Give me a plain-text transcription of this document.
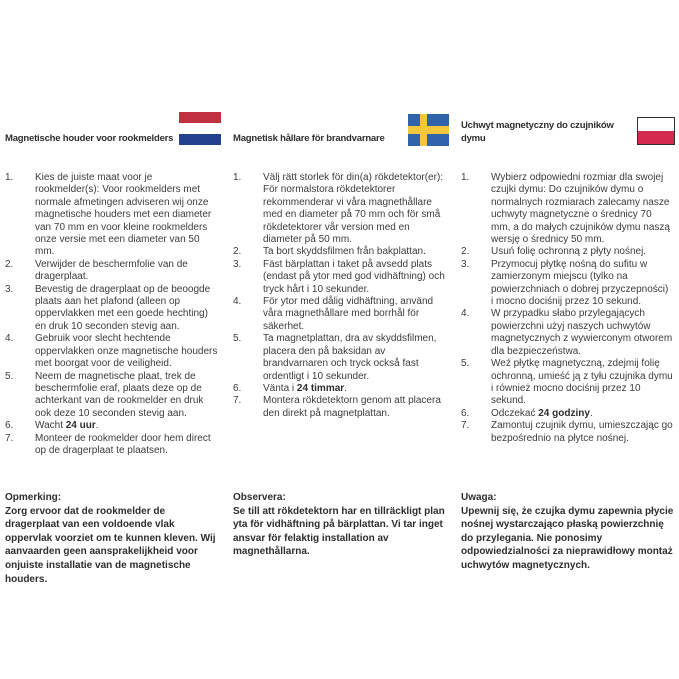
Magnetische houder voor rookmelders
1.	Kies de juiste maat voor je rookmelder(s): Voor rookmelders met normale afmetingen adviseren wij onze magnetische houders met een diameter van 70 mm en voor kleine rookmelders onze versie met een diameter van 50 mm.
2.	Verwijder de beschermfolie van de dragerplaat.
3.	Bevestig de dragerplaat op de beoogde plaats aan het plafond (alleen op oppervlakken met een goede hechting) en druk 10 seconden stevig aan.
4.	Gebruik voor slecht hechtende oppervlakken onze magnetische houders met boorgat voor de veiligheid.
5.	Neem de magnetische plaat, trek de beschermfolie eraf, plaats deze op de achterkant van de rookmelder en druk ook deze 10 seconden stevig aan.
6.	Wacht 24 uur.
7.	Monteer de rookmelder door hem direct op de dragerplaat te plaatsen.

Opmerking:

Zorg ervoor dat de rookmelder de dragerplaat van een voldoende vlak oppervlak voorziet om te kunnen kleven. Wij aanvaarden geen aansprakelijkheid voor onjuiste installatie van de magnetische houders.

Magnetisk hållare för brandvarnare
1.	Välj rätt storlek för din(a) rökdetektor(er): För normalstora rökdetektorer rekommenderar vi våra magnethållare med en diameter på 70 mm och för små rökdetektorer vår version med en diameter på 50 mm.
2.	Ta bort skyddsfilmen från bakplattan.
3.	Fäst bärplattan i taket på avsedd plats (endast på ytor med god vidhäftning) och tryck hårt i 10 sekunder.
4.	För ytor med dålig vidhäftning, använd våra magnethållare med borrhål för säkerhet.
5.	Ta magnetplattan, dra av skyddsfilmen, placera den på baksidan av brandvarnaren och tryck också fast ordentligt i 10 sekunder.
6.	Vänta i 24 timmar.
7.	Montera rökdetektorn genom att placera den direkt på magnetplattan.

Observera:

Se till att rökdetektorn har en tillräckligt plan yta för vidhäftning på bärplattan. Vi tar inget ansvar för felaktig installation av magnethållarna.

Uchwyt magnetyczny do czujników dymu
1.	Wybierz odpowiedni rozmiar dla swojej czujki dymu: Do czujników dymu o normalnych rozmiarach zalecamy nasze uchwyty magnetyczne o średnicy 70 mm, a do małych czujników dymu naszą wersję o średnicy 50 mm.
2.	Usuń folię ochronną z płyty nośnej.
3.	Przymocuj płytkę nośną do sufitu w zamierzonym miejscu (tylko na powierzchniach o dobrej przyczepności) i mocno dociśnij przez 10 sekund.
4.	W przypadku słabo przylegających powierzchni użyj naszych uchwytów magnetycznych z wywierconym otworem dla bezpieczeństwa.
5.	Weź płytkę magnetyczną, zdejmij folię ochronną, umieść ją z tyłu czujnika dymu i również mocno dociśnij przez 10 sekund.
6.	Odczekać 24 godziny.
7.	Zamontuj czujnik dymu, umieszczając go bezpośrednio na płytce nośnej.

Uwaga:

Upewnij się, że czujka dymu zapewnia płycie nośnej wystarczająco płaską powierzchnię do przylegania. Nie ponosimy odpowiedzialności za nieprawidłowy montaż uchwytów magnetycznych.
